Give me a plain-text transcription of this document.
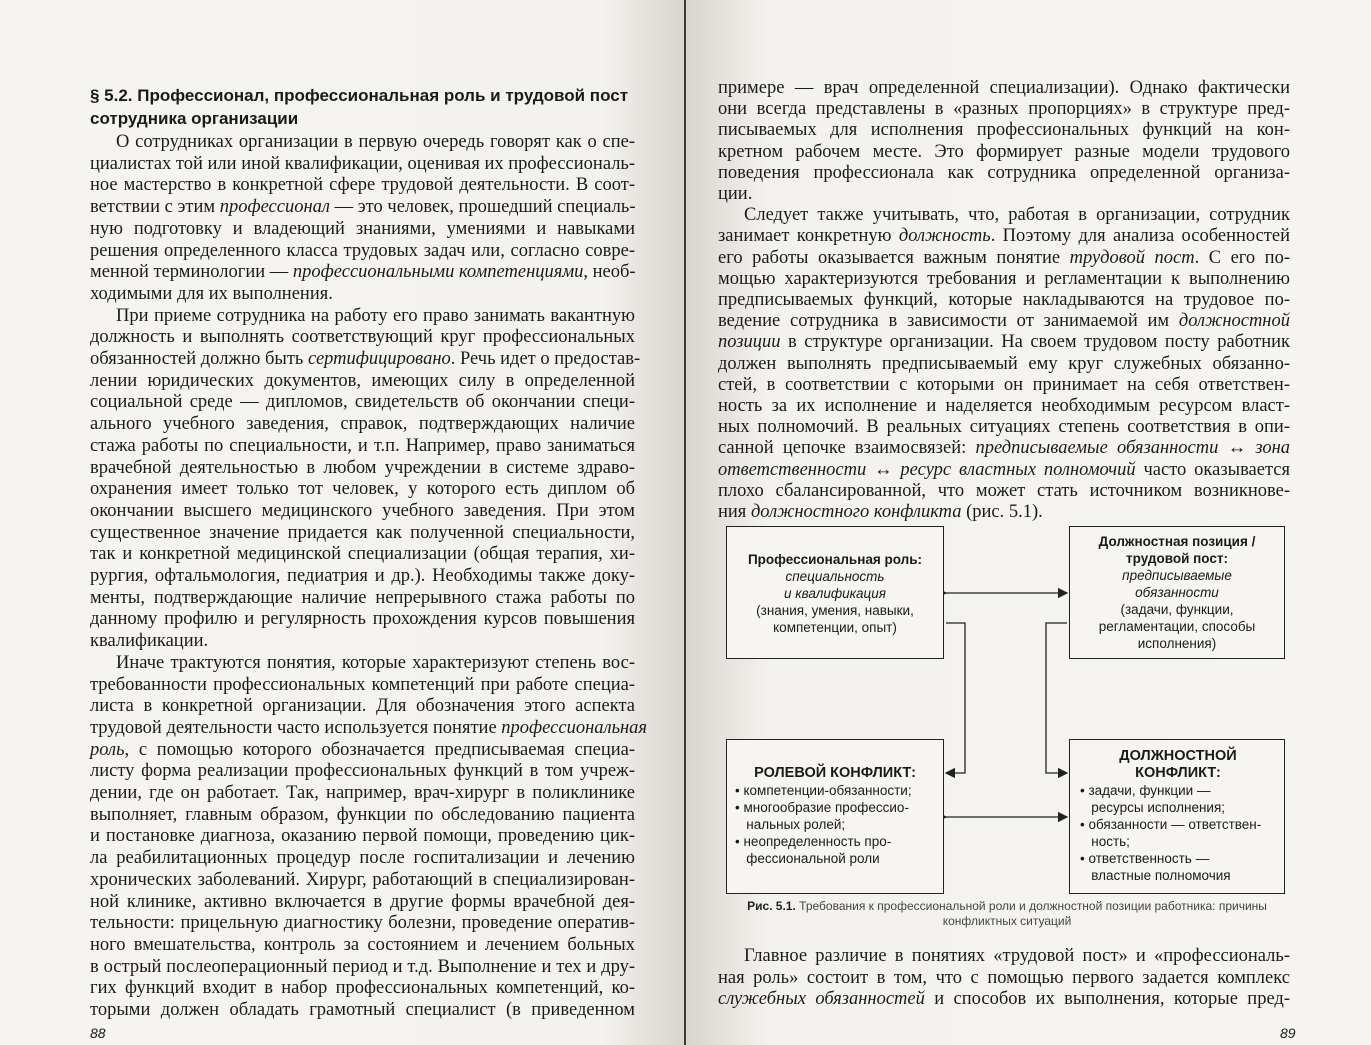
§ 5.2. Профессионал, профессиональная роль и трудовой пост
сотрудника организации
О сотрудниках организации в первую очередь говорят как о спе-
циалистах той или иной квалификации, оценивая их профессиональ-
ное мастерство в конкретной сфере трудовой деятельности. В соот-
ветствии с этим профессионал — это человек, прошедший специаль-
ную подготовку и владеющий знаниями, умениями и навыками
решения определенного класса трудовых задач или, согласно совре-
менной терминологии — профессиональными компетенциями, необ-
ходимыми для их выполнения.
При приеме сотрудника на работу его право занимать вакантную
должность и выполнять соответствующий круг профессиональных
обязанностей должно быть сертифицировано. Речь идет о предостав-
лении юридических документов, имеющих силу в определенной
социальной среде — дипломов, свидетельств об окончании специ-
ального учебного заведения, справок, подтверждающих наличие
стажа работы по специальности, и т.п. Например, право заниматься
врачебной деятельностью в любом учреждении в системе здраво-
охранения имеет только тот человек, у которого есть диплом об
окончании высшего медицинского учебного заведения. При этом
существенное значение придается как полученной специальности,
так и конкретной медицинской специализации (общая терапия, хи-
рургия, офтальмология, педиатрия и др.). Необходимы также доку-
менты, подтверждающие наличие непрерывного стажа работы по
данному профилю и регулярность прохождения курсов повышения
квалификации.
Иначе трактуются понятия, которые характеризуют степень вос-
требованности профессиональных компетенций при работе специа-
листа в конкретной организации. Для обозначения этого аспекта
трудовой деятельности часто используется понятие профессиональная
роль, с помощью которого обозначается предписываемая специа-
листу форма реализации профессиональных функций в том учреж-
дении, где он работает. Так, например, врач-хирург в поликлинике
выполняет, главным образом, функции по обследованию пациента
и постановке диагноза, оказанию первой помощи, проведению цик-
ла реабилитационных процедур после госпитализации и лечению
хронических заболеваний. Хирург, работающий в специализирован-
ной клинике, активно включается в другие формы врачебной дея-
тельности: прицельную диагностику болезни, проведение оператив-
ного вмешательства, контроль за состоянием и лечением больных
в острый послеоперационный период и т.д. Выполнение и тех и дру-
гих функций входит в набор профессиональных компетенций, ко-
торыми должен обладать грамотный специалист (в приведенном
88
примере — врач определенной специализации). Однако фактически
они всегда представлены в «разных пропорциях» в структуре пред-
писываемых для исполнения профессиональных функций на кон-
кретном рабочем месте. Это формирует разные модели трудового
поведения профессионала как сотрудника определенной организа-
ции.
Следует также учитывать, что, работая в организации, сотрудник
занимает конкретную должность. Поэтому для анализа особенностей
его работы оказывается важным понятие трудовой пост. С его по-
мощью характеризуются требования и регламентации к выполнению
предписываемых функций, которые накладываются на трудовое по-
ведение сотрудника в зависимости от занимаемой им должностной
позиции в структуре организации. На своем трудовом посту работник
должен выполнять предписываемый ему круг служебных обязанно-
стей, в соответствии с которыми он принимает на себя ответствен-
ность за их исполнение и наделяется необходимым ресурсом власт-
ных полномочий. В реальных ситуациях степень соответствия в опи-
санной цепочке взаимосвязей: предписываемые обязанности ↔ зона
ответственности ↔ ресурс властных полномочий часто оказывается
плохо сбалансированной, что может стать источником возникнове-
ния должностного конфликта (рис. 5.1).
Главное различие в понятиях «трудовой пост» и «профессиональ-
ная роль» состоит в том, что с помощью первого задается комплекс
служебных обязанностей и способов их выполнения, которые пред-
89
Профессиональная роль:
специальность
и квалификация
(знания, умения, навыки,
компетенции, опыт)
Должностная позиция /
трудовой пост:
предписываемые
обязанности
(задачи, функции,
регламентации, способы
исполнения)
РОЛЕВОЙ КОНФЛИКТ:
• компетенции-обязанности;
• многообразие профессио-
нальных ролей;
• неопределенность про-
фессиональной роли
ДОЛЖНОСТНОЙ
КОНФЛИКТ:
• задачи, функции —
ресурсы исполнения;
• обязанности — ответствен-
ность;
• ответственность —
властные полномочия
Рис. 5.1. Требования к профессиональной роли и должностной позиции работника: причины конфликтных ситуаций
